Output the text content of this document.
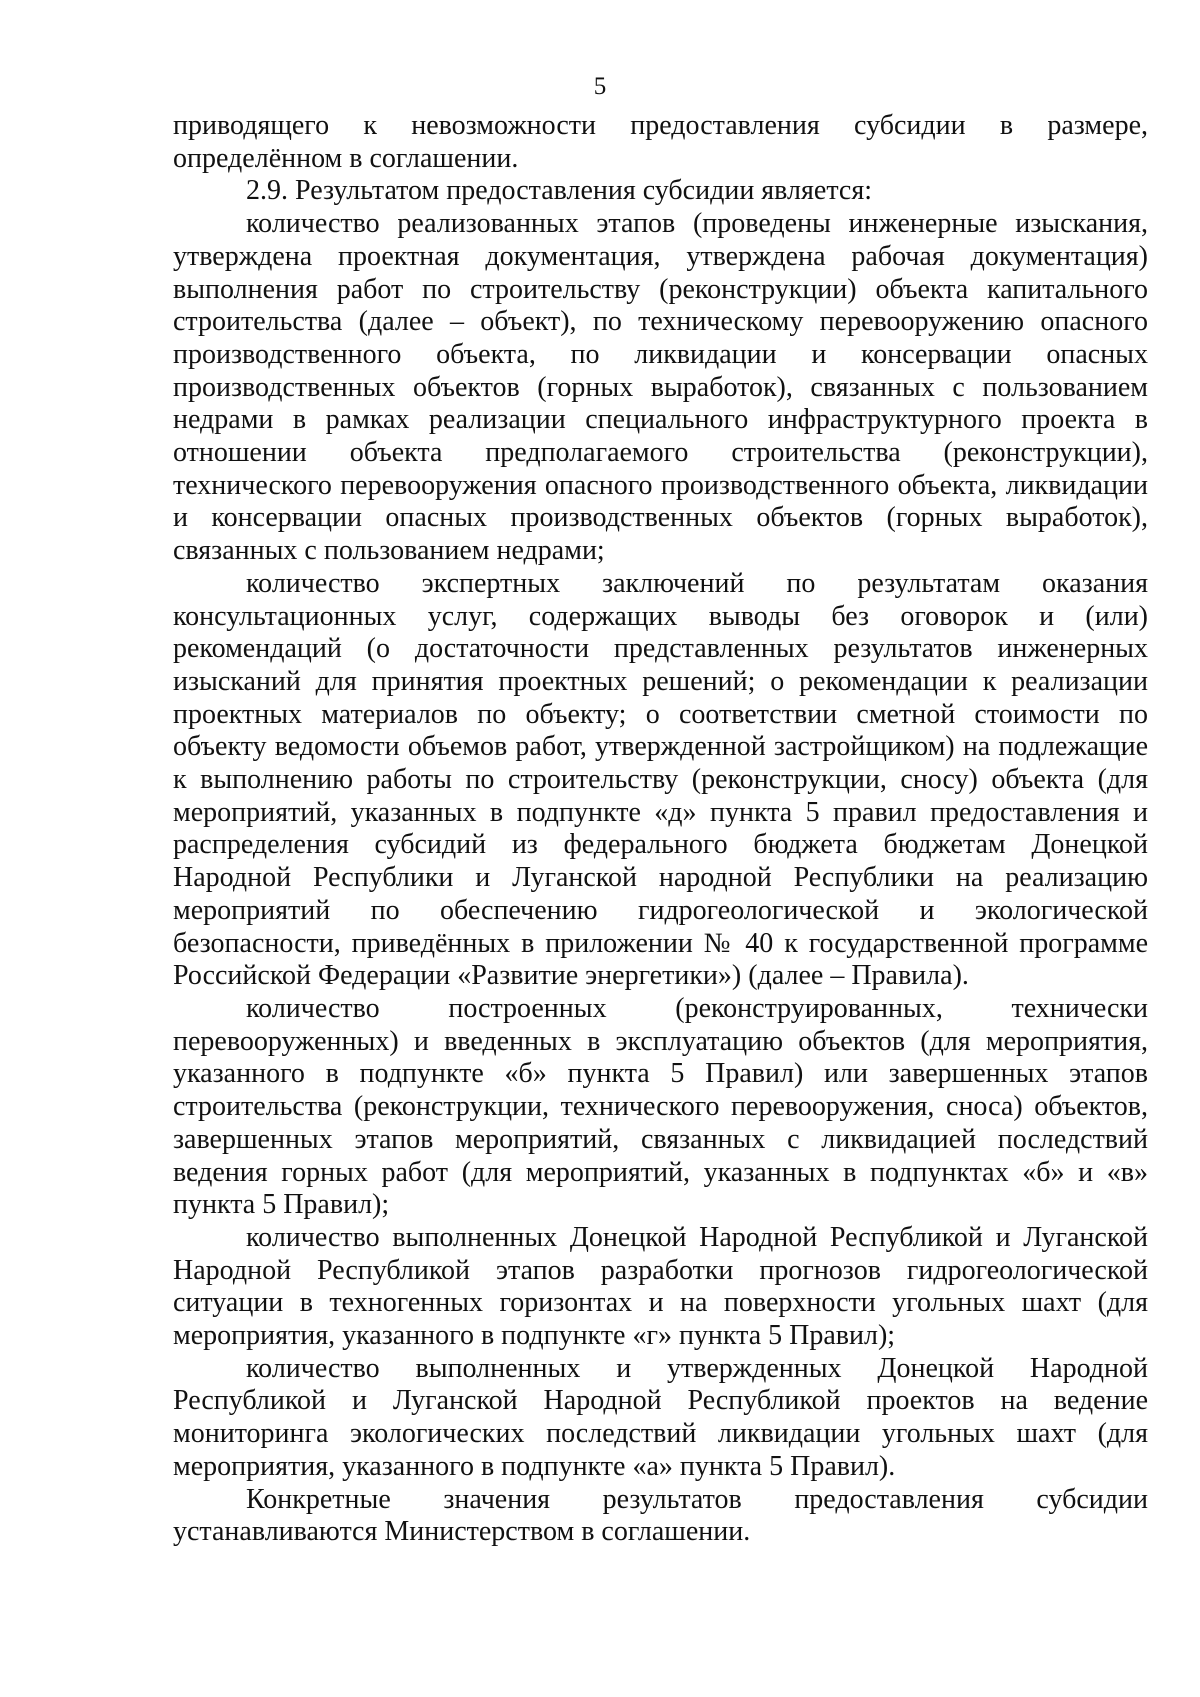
5

приводящего к невозможности предоставления субсидии в размере, определённом в соглашении.

2.9. Результатом предоставления субсидии является:

количество реализованных этапов (проведены инженерные изыскания, утверждена проектная документация, утверждена рабочая документация) выполнения работ по строительству (реконструкции) объекта капитального строительства (далее – объект), по техническому перевооружению опасного производственного объекта, по ликвидации и консервации опасных производственных объектов (горных выработок), связанных с пользованием недрами в рамках реализации специального инфраструктурного проекта в отношении объекта предполагаемого строительства (реконструкции), технического перевооружения опасного производственного объекта, ликвидации и консервации опасных производственных объектов (горных выработок), связанных с пользованием недрами;

количество экспертных заключений по результатам оказания консультационных услуг, содержащих выводы без оговорок и (или) рекомендаций (о достаточности представленных результатов инженерных изысканий для принятия проектных решений; о рекомендации к реализации проектных материалов по объекту; о соответствии сметной стоимости по объекту ведомости объемов работ, утвержденной застройщиком) на подлежащие к выполнению работы по строительству (реконструкции, сносу) объекта (для мероприятий, указанных в подпункте «д» пункта 5 правил предоставления и распределения субсидий из федерального бюджета бюджетам Донецкой Народной Республики и Луганской народной Республики на реализацию мероприятий по обеспечению гидрогеологической и экологической безопасности, приведённых в приложении № 40 к государственной программе Российской Федерации «Развитие энергетики») (далее – Правила).

количество построенных (реконструированных, технически перевооруженных) и введенных в эксплуатацию объектов (для мероприятия, указанного в подпункте «б» пункта 5 Правил) или завершенных этапов строительства (реконструкции, технического перевооружения, сноса) объектов, завершенных этапов мероприятий, связанных с ликвидацией последствий ведения горных работ (для мероприятий, указанных в подпунктах «б» и «в» пункта 5 Правил);

количество выполненных Донецкой Народной Республикой и Луганской Народной Республикой этапов разработки прогнозов гидрогеологической ситуации в техногенных горизонтах и на поверхности угольных шахт (для мероприятия, указанного в подпункте «г» пункта 5 Правил);

количество выполненных и утвержденных Донецкой Народной Республикой и Луганской Народной Республикой проектов на ведение мониторинга экологических последствий ликвидации угольных шахт (для мероприятия, указанного в подпункте «а» пункта 5 Правил).

Конкретные значения результатов предоставления субсидии устанавливаются Министерством в соглашении.
